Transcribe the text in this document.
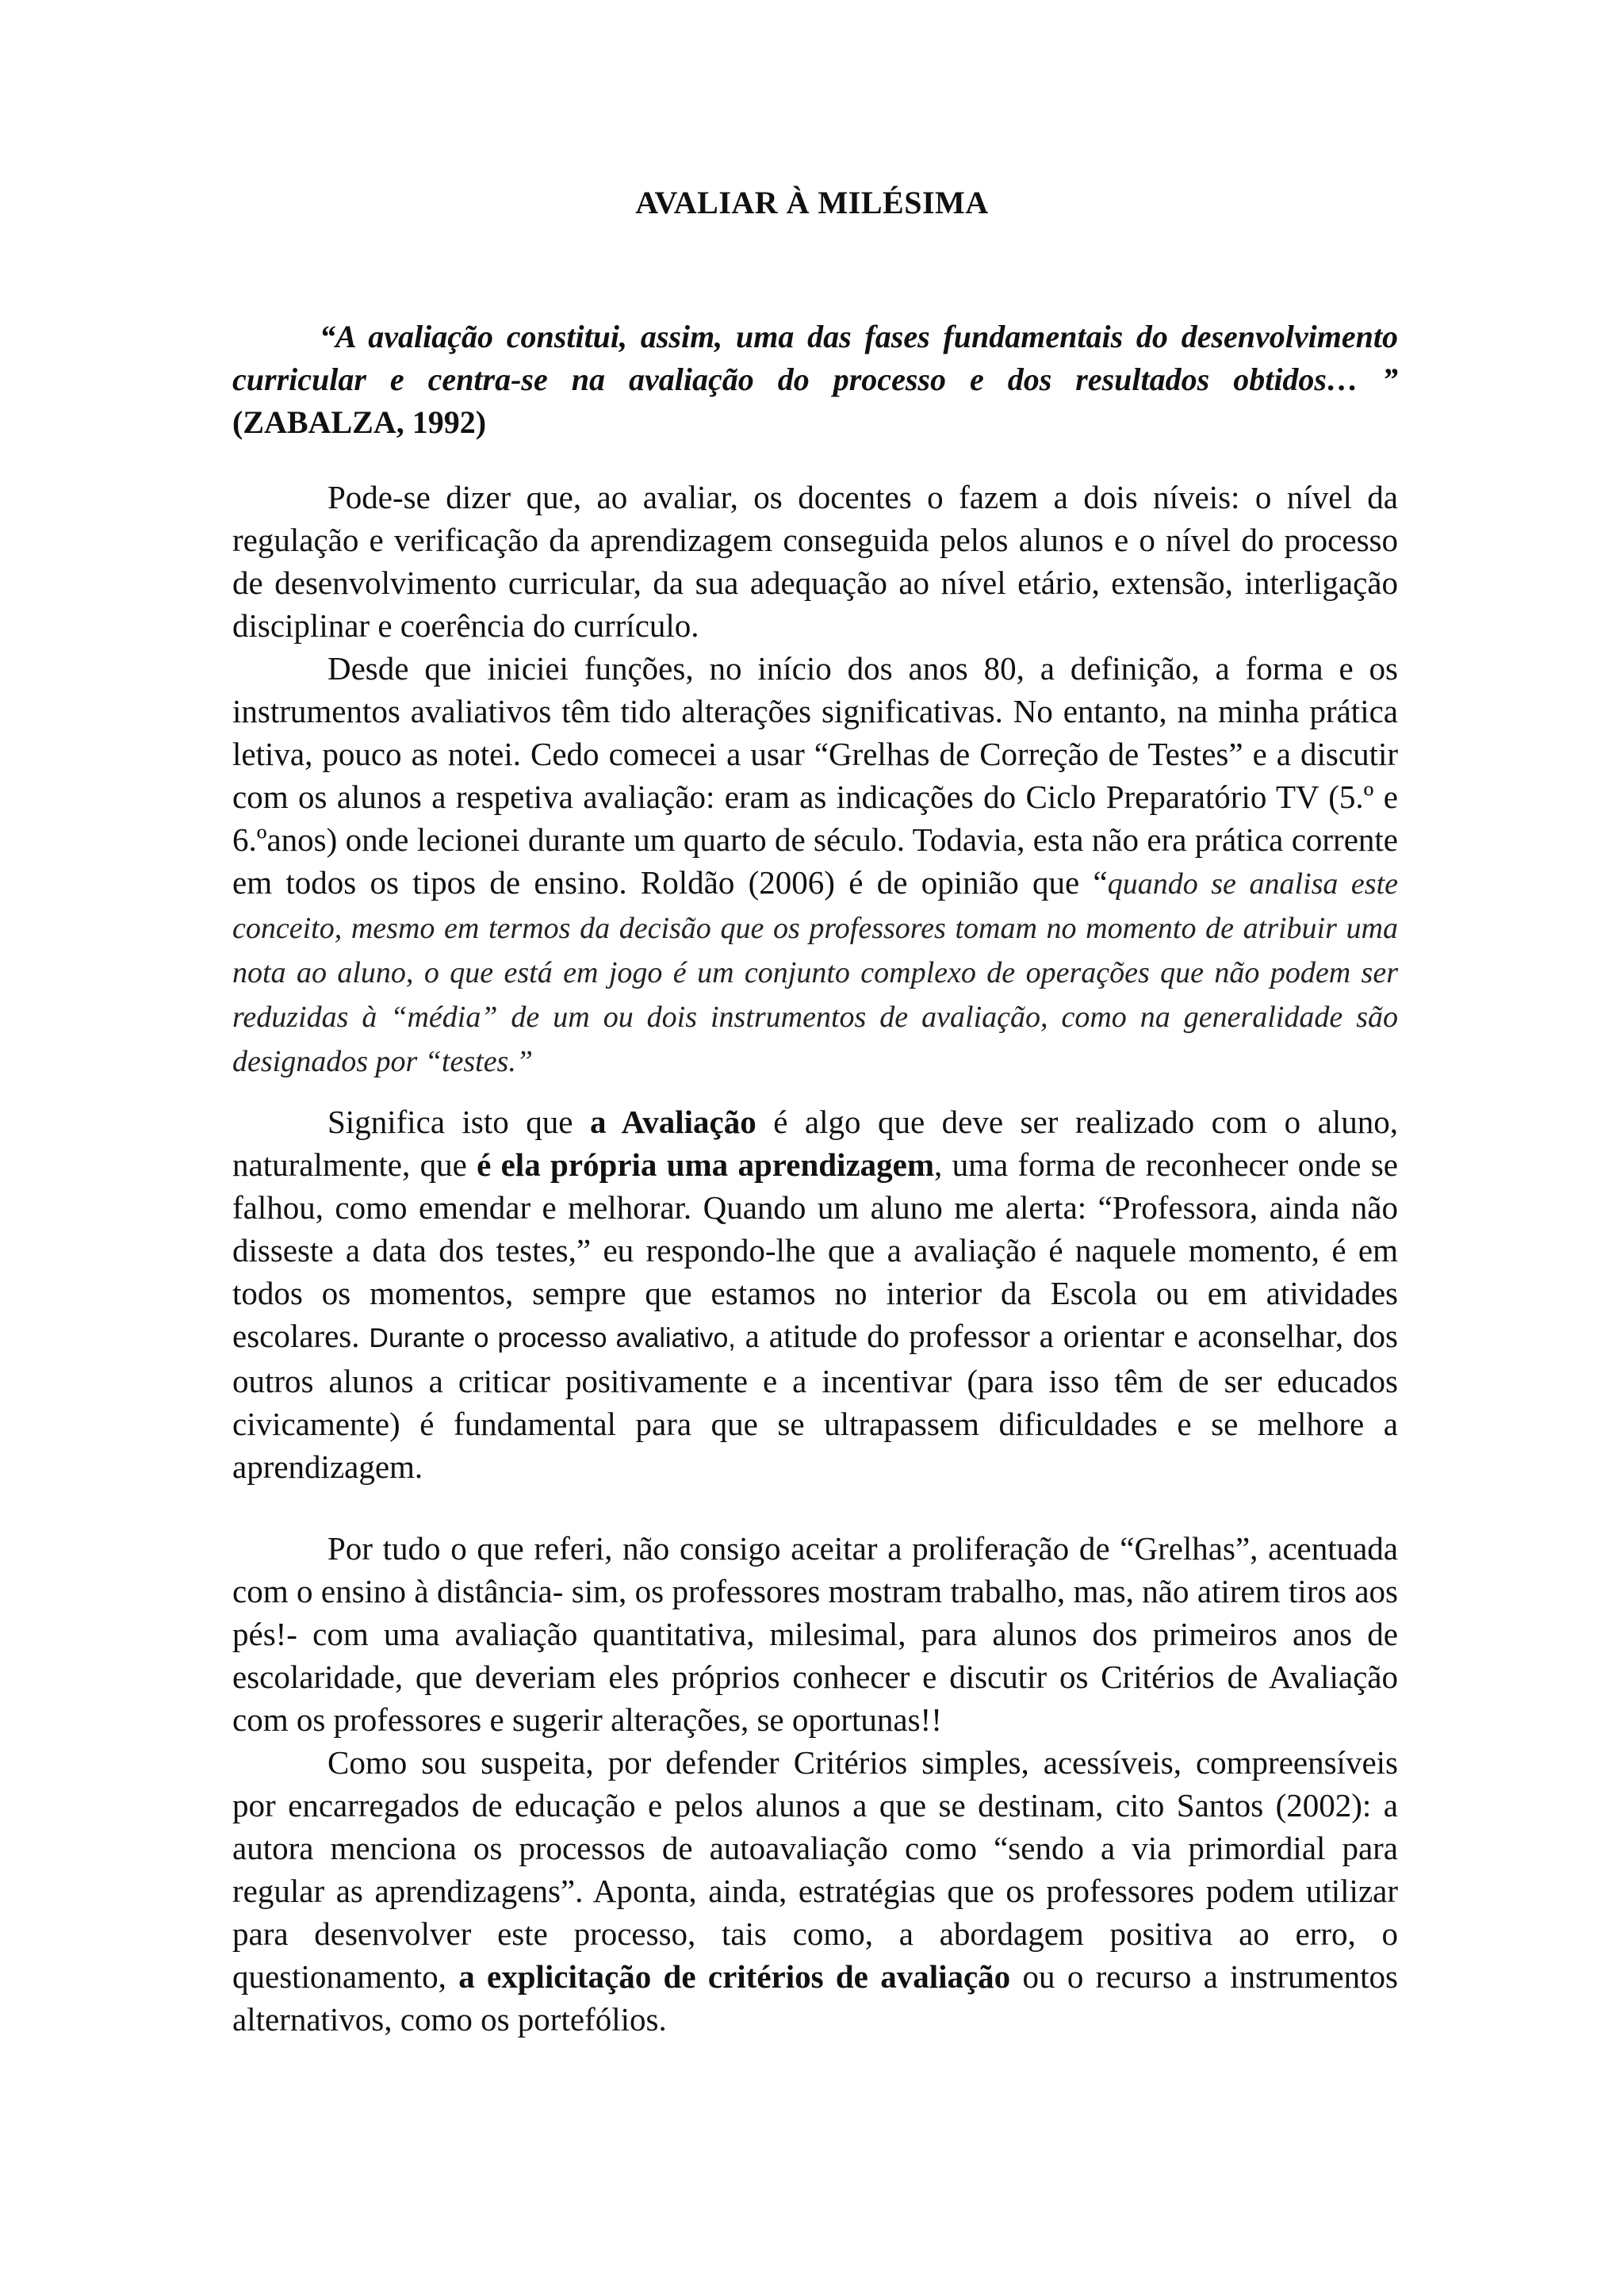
AVALIAR À MILÉSIMA
“A avaliação constitui, assim, uma das fases fundamentais do desenvolvimento curricular e centra-se na avaliação do processo e dos resultados obtidos… ” (ZABALZA, 1992)

Pode-se dizer que, ao avaliar, os docentes o fazem a dois níveis: o nível da regulação e verificação da aprendizagem conseguida pelos alunos e o nível do processo de desenvolvimento curricular, da sua adequação ao nível etário, extensão, interligação disciplinar e coerência do currículo.

Desde que iniciei funções, no início dos anos 80, a definição, a forma e os instrumentos avaliativos têm tido alterações significativas. No entanto, na minha prática letiva, pouco as notei. Cedo comecei a usar “Grelhas de Correção de Testes” e a discutir com os alunos a respetiva avaliação: eram as indicações do Ciclo Preparatório TV (5.º e 6.ºanos) onde lecionei durante um quarto de século. Todavia, esta não era prática corrente em todos os tipos de ensino. Roldão (2006) é de opinião que “quando se analisa este conceito, mesmo em termos da decisão que os professores tomam no momento de atribuir uma nota ao aluno, o que está em jogo é um conjunto complexo de operações que não podem ser reduzidas à “média” de um ou dois instrumentos de avaliação, como na generalidade são designados por “testes.”

Significa isto que a Avaliação é algo que deve ser realizado com o aluno, naturalmente, que é ela própria uma aprendizagem, uma forma de reconhecer onde se falhou, como emendar e melhorar. Quando um aluno me alerta: “Professora, ainda não disseste a data dos testes,” eu respondo-lhe que a avaliação é naquele momento, é em todos os momentos, sempre que estamos no interior da Escola ou em atividades escolares. Durante o processo avaliativo, a atitude do professor a orientar e aconselhar, dos outros alunos a criticar positivamente e a incentivar (para isso têm de ser educados civicamente) é fundamental para que se ultrapassem dificuldades e se melhore a aprendizagem.

Por tudo o que referi, não consigo aceitar a proliferação de “Grelhas”, acentuada com o ensino à distância- sim, os professores mostram trabalho, mas, não atirem tiros aos pés!- com uma avaliação quantitativa, milesimal, para alunos dos primeiros anos de escolaridade, que deveriam eles próprios conhecer e discutir os Critérios de Avaliação com os professores e sugerir alterações, se oportunas!!

Como sou suspeita, por defender Critérios simples, acessíveis, compreensíveis por encarregados de educação e pelos alunos a que se destinam, cito Santos (2002): a autora menciona os processos de autoavaliação como “sendo a via primordial para regular as aprendizagens”. Aponta, ainda, estratégias que os professores podem utilizar para desenvolver este processo, tais como, a abordagem positiva ao erro, o questionamento, a explicitação de critérios de avaliação ou o recurso a instrumentos alternativos, como os portefólios.
